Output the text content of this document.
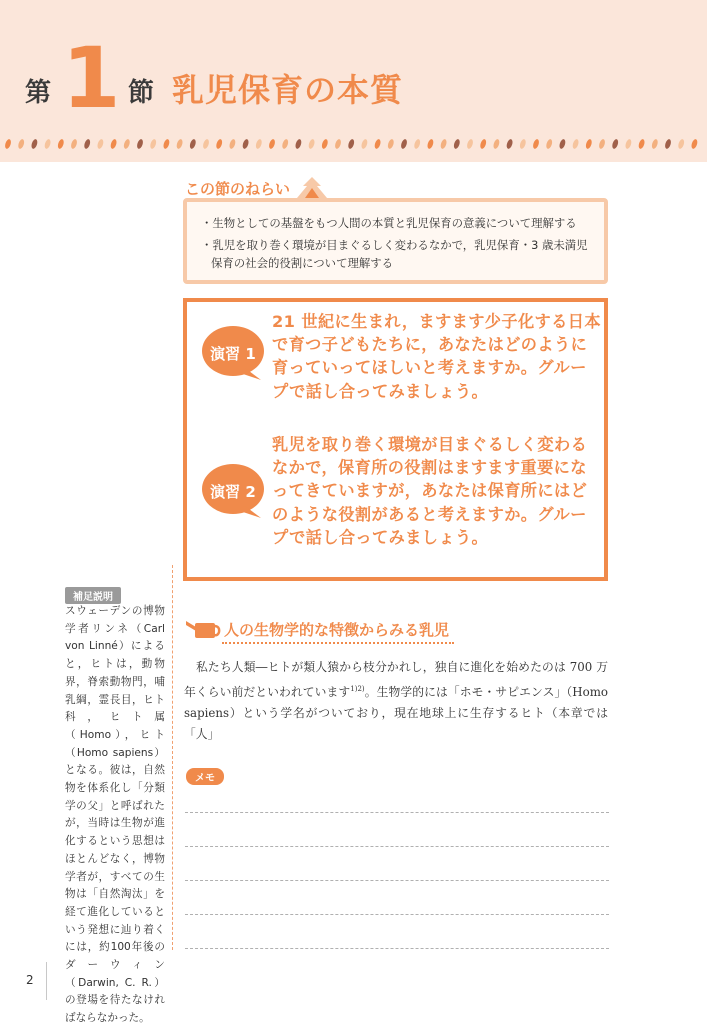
第 1 節 乳児保育の本質
補足説明
スウェーデンの博物学者リンネ（Carl von Linné）によると，ヒトは，動物界，脊索動物門，哺乳綱，霊長目，ヒト科，ヒト属（Homo），ヒト（Homo sapiens）となる。彼は，自然物を体系化し「分類学の父」と呼ばれたが，当時は生物が進化するという思想はほとんどなく，博物学者が，すべての生物は「自然淘汰」を経て進化しているという発想に辿り着くには，約100年後のダーウィン（Darwin, C. R.）の登場を待たなければならなかった。
この節のねらい
・生物としての基盤をもつ人間の本質と乳児保育の意義について理解する
・乳児を取り巻く環境が目まぐるしく変わるなかで，乳児保育・3 歳未満児保育の社会的役割について理解する
演習 1
21 世紀に生まれ，ますます少子化する日本で育つ子どもたちに，あなたはどのように育っていってほしいと考えますか。グループで話し合ってみましょう。
演習 2
乳児を取り巻く環境が目まぐるしく変わるなかで，保育所の役割はますます重要になってきていますが，あなたは保育所にはどのような役割があると考えますか。グループで話し合ってみましょう。
人の生物学的な特徴からみる乳児

私たち人類―ヒトが類人猿から枝分かれし，独自に進化を始めたのは 700 万年くらい前だといわれています$^{1)2)}$。生物学的には「ホモ・サピエンス」（Homo sapiens）という学名がついており，現在地球上に生存するヒト（本章では「人」

メモ
2
